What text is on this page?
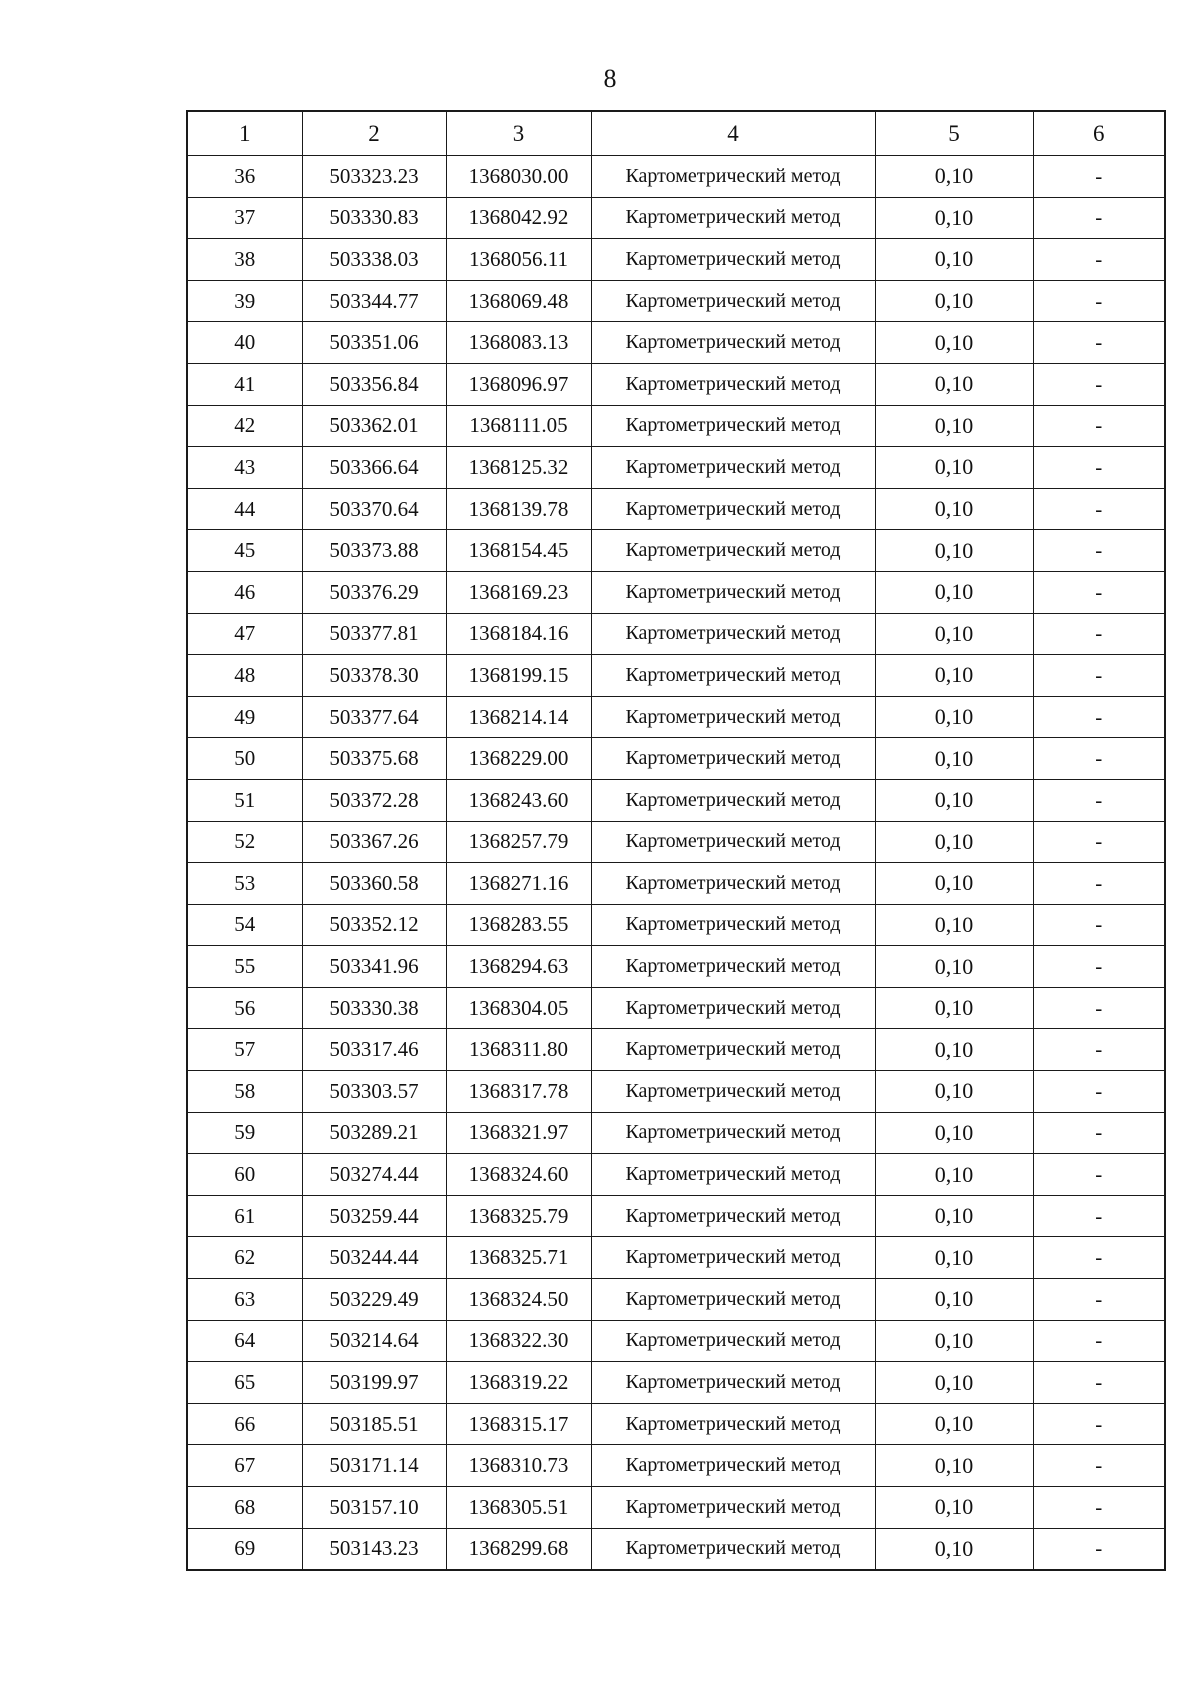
8
1	2	3	4	5	6
36	503323.23	1368030.00	Картометрический метод	0,10	-
37	503330.83	1368042.92	Картометрический метод	0,10	-
38	503338.03	1368056.11	Картометрический метод	0,10	-
39	503344.77	1368069.48	Картометрический метод	0,10	-
40	503351.06	1368083.13	Картометрический метод	0,10	-
41	503356.84	1368096.97	Картометрический метод	0,10	-
42	503362.01	1368111.05	Картометрический метод	0,10	-
43	503366.64	1368125.32	Картометрический метод	0,10	-
44	503370.64	1368139.78	Картометрический метод	0,10	-
45	503373.88	1368154.45	Картометрический метод	0,10	-
46	503376.29	1368169.23	Картометрический метод	0,10	-
47	503377.81	1368184.16	Картометрический метод	0,10	-
48	503378.30	1368199.15	Картометрический метод	0,10	-
49	503377.64	1368214.14	Картометрический метод	0,10	-
50	503375.68	1368229.00	Картометрический метод	0,10	-
51	503372.28	1368243.60	Картометрический метод	0,10	-
52	503367.26	1368257.79	Картометрический метод	0,10	-
53	503360.58	1368271.16	Картометрический метод	0,10	-
54	503352.12	1368283.55	Картометрический метод	0,10	-
55	503341.96	1368294.63	Картометрический метод	0,10	-
56	503330.38	1368304.05	Картометрический метод	0,10	-
57	503317.46	1368311.80	Картометрический метод	0,10	-
58	503303.57	1368317.78	Картометрический метод	0,10	-
59	503289.21	1368321.97	Картометрический метод	0,10	-
60	503274.44	1368324.60	Картометрический метод	0,10	-
61	503259.44	1368325.79	Картометрический метод	0,10	-
62	503244.44	1368325.71	Картометрический метод	0,10	-
63	503229.49	1368324.50	Картометрический метод	0,10	-
64	503214.64	1368322.30	Картометрический метод	0,10	-
65	503199.97	1368319.22	Картометрический метод	0,10	-
66	503185.51	1368315.17	Картометрический метод	0,10	-
67	503171.14	1368310.73	Картометрический метод	0,10	-
68	503157.10	1368305.51	Картометрический метод	0,10	-
69	503143.23	1368299.68	Картометрический метод	0,10	-
